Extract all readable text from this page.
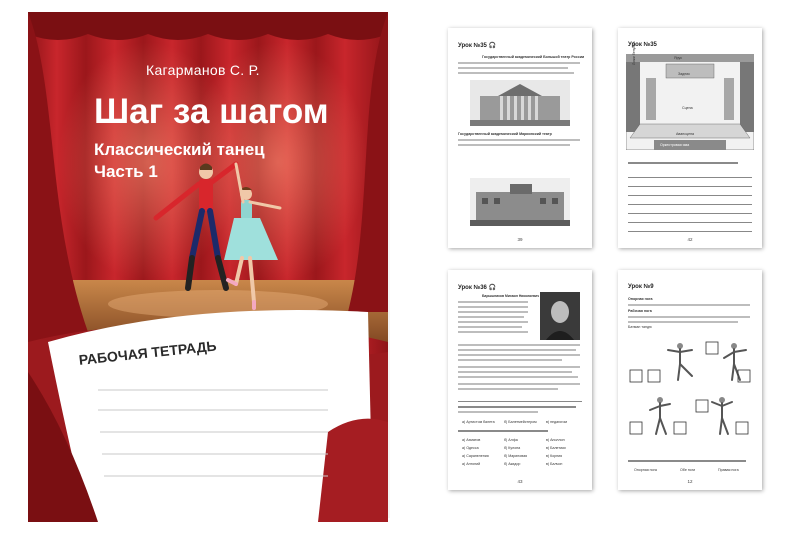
Кагарманов С. Р.
Шаг за шагом
Классический танец
Часть 1
РАБОЧАЯ ТЕТРАДЬ
Урок №35 🎧
Государственный академический Большой театр России
Государственный академический Мариинский театр
39
Урок №35
Ложи бенуара	Ярус
Задник
Сцена
Авансцена
Оркестровая яма
42
Урок №36 🎧
Барышников Михаил Николаевич
а) Артистом балета	б) Балетмейстером	в) педагогом
а) Ахматов	б) Алфа	в) Аполлон
а) Одесса	б) Кулона	в) Балетики
а) Сарапеления	б) Мариновая	в) Корпия
а) Антоний	б) Акидор	в) Балчон
43
Урок №9
Опорная нога
Рабочая нога
Батман тандю
Опорная нога	Обе ноги	Правая нога
12
